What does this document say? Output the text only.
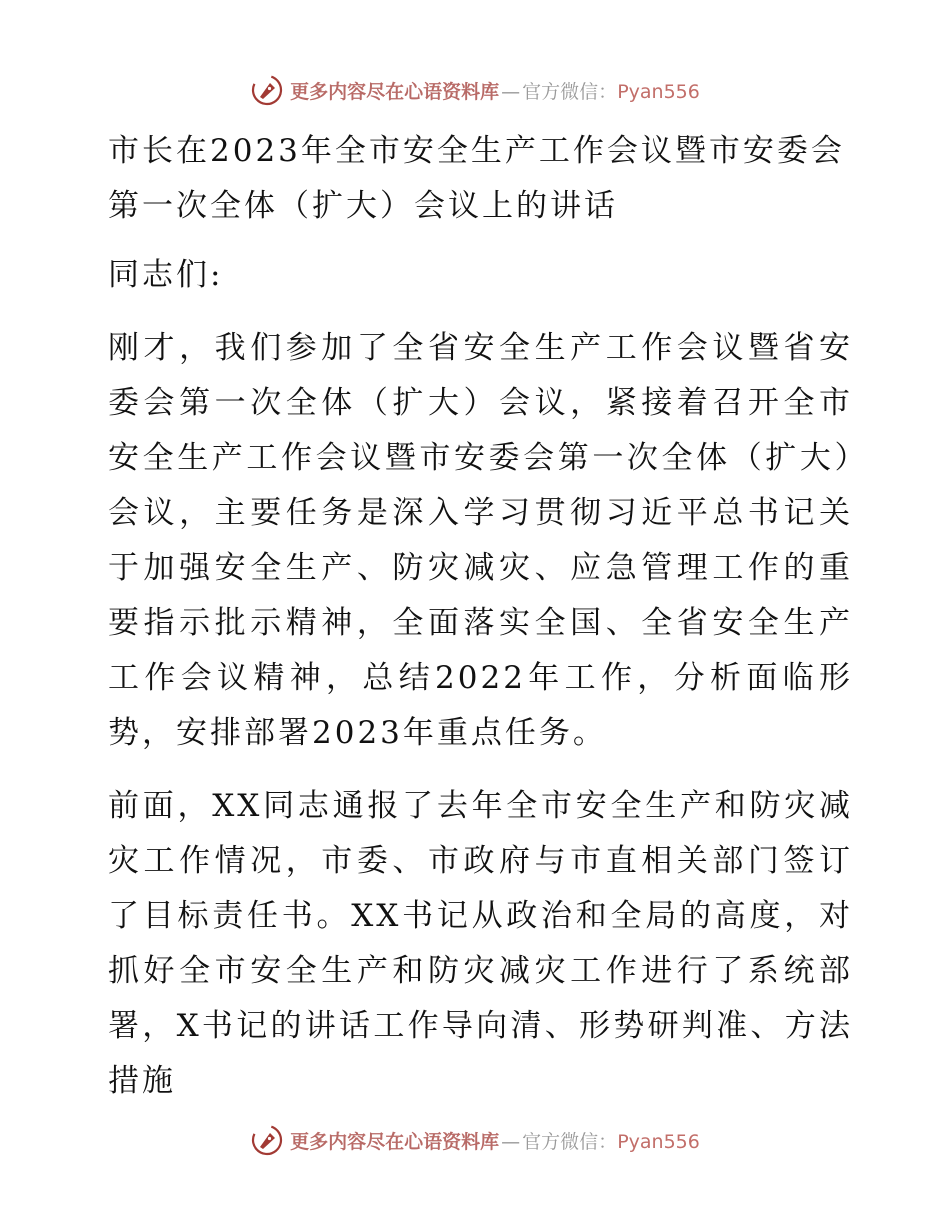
更多内容尽在心语资料库 — 官方微信：Pyan556
市长在2023年全市安全生产工作会议暨市安委会第一次全体（扩大）会议上的讲话
同志们:
刚才，我们参加了全省安全生产工作会议暨省安委会第一次全体（扩大）会议，紧接着召开全市安全生产工作会议暨市安委会第一次全体（扩大）会议，主要任务是深入学习贯彻习近平总书记关于加强安全生产、防灾减灾、应急管理工作的重要指示批示精神，全面落实全国、全省安全生产工作会议精神，总结2022年工作，分析面临形势，安排部署2023年重点任务。
前面，XX同志通报了去年全市安全生产和防灾减灾工作情况，市委、市政府与市直相关部门签订了目标责任书。XX书记从政治和全局的高度，对抓好全市安全生产和防灾减灾工作进行了系统部署，X书记的讲话工作导向清、形势研判准、方法措施
更多内容尽在心语资料库 — 官方微信：Pyan556
